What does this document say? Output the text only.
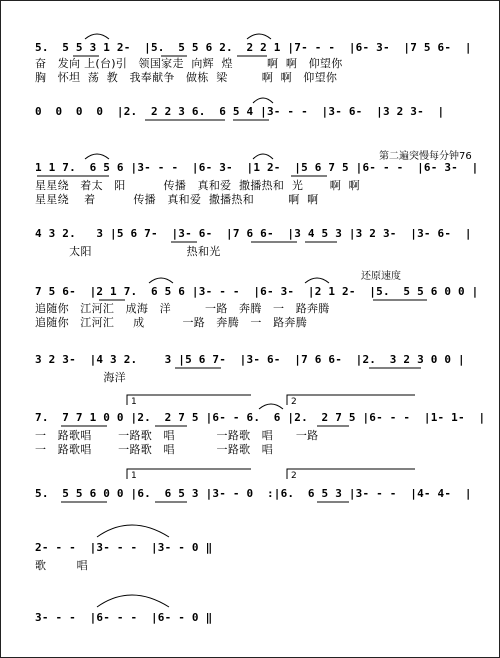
5.  5 5 3 1 2-  |5.  5 5 6 2.  2 2 1 |7- - -  |6- 3-  |7 5 6-  |
奋   发向 上(台)引   领国家走  向辉  煌         啊  啊   仰望你
胸   怀坦  荡  教   我奉献争   做栋  梁         啊  啊   仰望你
0  0  0  0  |2.  2 2 3 6.  6 5 4 |3- - -  |3- 6-  |3 2 3-  |
第二遍突慢每分钟76
1 1 7.  6 5 6 |3- - -  |6- 3-  |1 2-  |5 6 7 5 |6- - -  |6- 3-  |
星星绕   着太   阳          传播   真和爱  撒播热和  光       啊  啊
星星绕    着          传播   真和爱  撒播热和         啊  啊
4 3 2.   3 |5 6 7-  |3- 6-  |7 6 6-  |3 4 5 3 |3 2 3-  |3- 6-  |
太阳                         热和光
还原速度
7 5 6-  |2 1 7.  6 5 6 |3- - -  |6- 3-  |2 1 2-  |5.  5 5 6 0 0 |
追随你   江河汇   成海   洋         一路   奔腾   一   路奔腾
追随你   江河汇     成          一路   奔腾   一   路奔腾
3 2 3-  |4 3 2.    3 |5 6 7-  |3- 6-  |7 6 6-  |2.  3 2 3 0 0 |
海洋
7.  7 7 1 0 0 |2.  2 7 5 |6- - 6.  6 |2.  2 7 5 |6- - -  |1- 1-  |
一   路歌唱       一路歌   唱           一路歌   唱      一路
一   路歌唱       一路歌   唱           一路歌   唱
5.  5 5 6 0 0 |6.  6 5 3 |3- - 0  :|6.  6 5 3 |3- - -  |4- 4-  |
2- - -  |3- - -  |3- - 0 ‖
歌        唱
3- - -  |6- - -  |6- - 0 ‖
1	2
1	2
